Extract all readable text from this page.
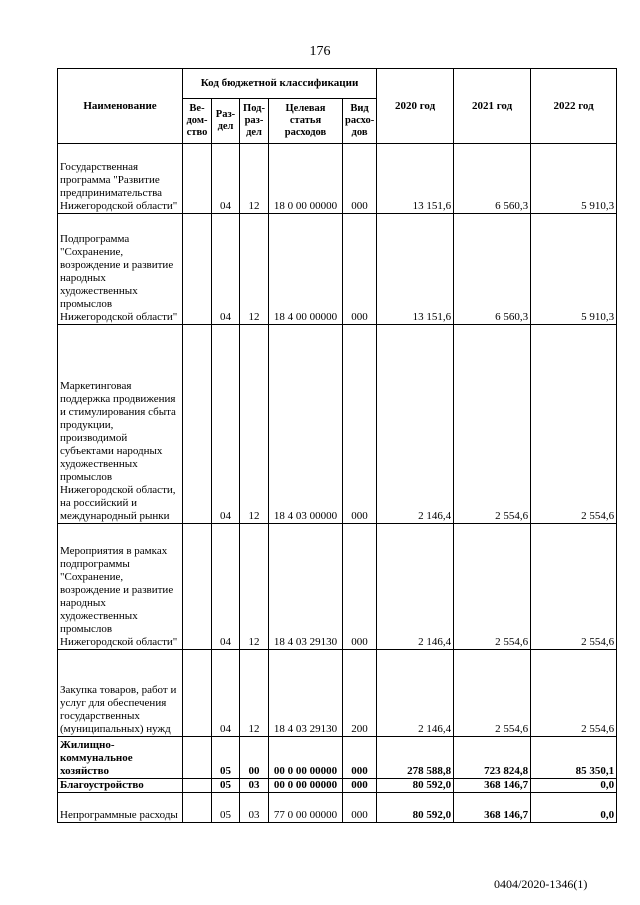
176
Наименование	Код бюджетной классификации					2020 год	2021 год	2022 год
	Ве-дом-ство	Раз-дел	Под-раз-дел	Целевая статья расходов	Вид расхо-дов			
Государственная программа "Развитие предпринимательства Нижегородской области"		04	12	18 0 00 00000	000	13 151,6	6 560,3	5 910,3
Подпрограмма "Сохранение, возрождение и развитие народных художественных промыслов Нижегородской области"		04	12	18 4 00 00000	000	13 151,6	6 560,3	5 910,3
Маркетинговая поддержка продвижения и стимулирования сбыта продукции, производимой субъектами народных художественных промыслов Нижегородской области, на российский и международный рынки		04	12	18 4 03 00000	000	2 146,4	2 554,6	2 554,6
Мероприятия в рамках подпрограммы "Сохранение, возрождение и развитие народных художественных промыслов Нижегородской области"		04	12	18 4 03 29130	000	2 146,4	2 554,6	2 554,6
Закупка товаров, работ и услуг для обеспечения государственных (муниципальных) нужд		04	12	18 4 03 29130	200	2 146,4	2 554,6	2 554,6
Жилищно-коммунальное хозяйство		05	00	00 0 00 00000	000	278 588,8	723 824,8	85 350,1
Благоустройство		05	03	00 0 00 00000	000	80 592,0	368 146,7	0,0
Непрограммные расходы		05	03	77 0 00 00000	000	80 592,0	368 146,7	0,0
0404/2020-1346(1)
